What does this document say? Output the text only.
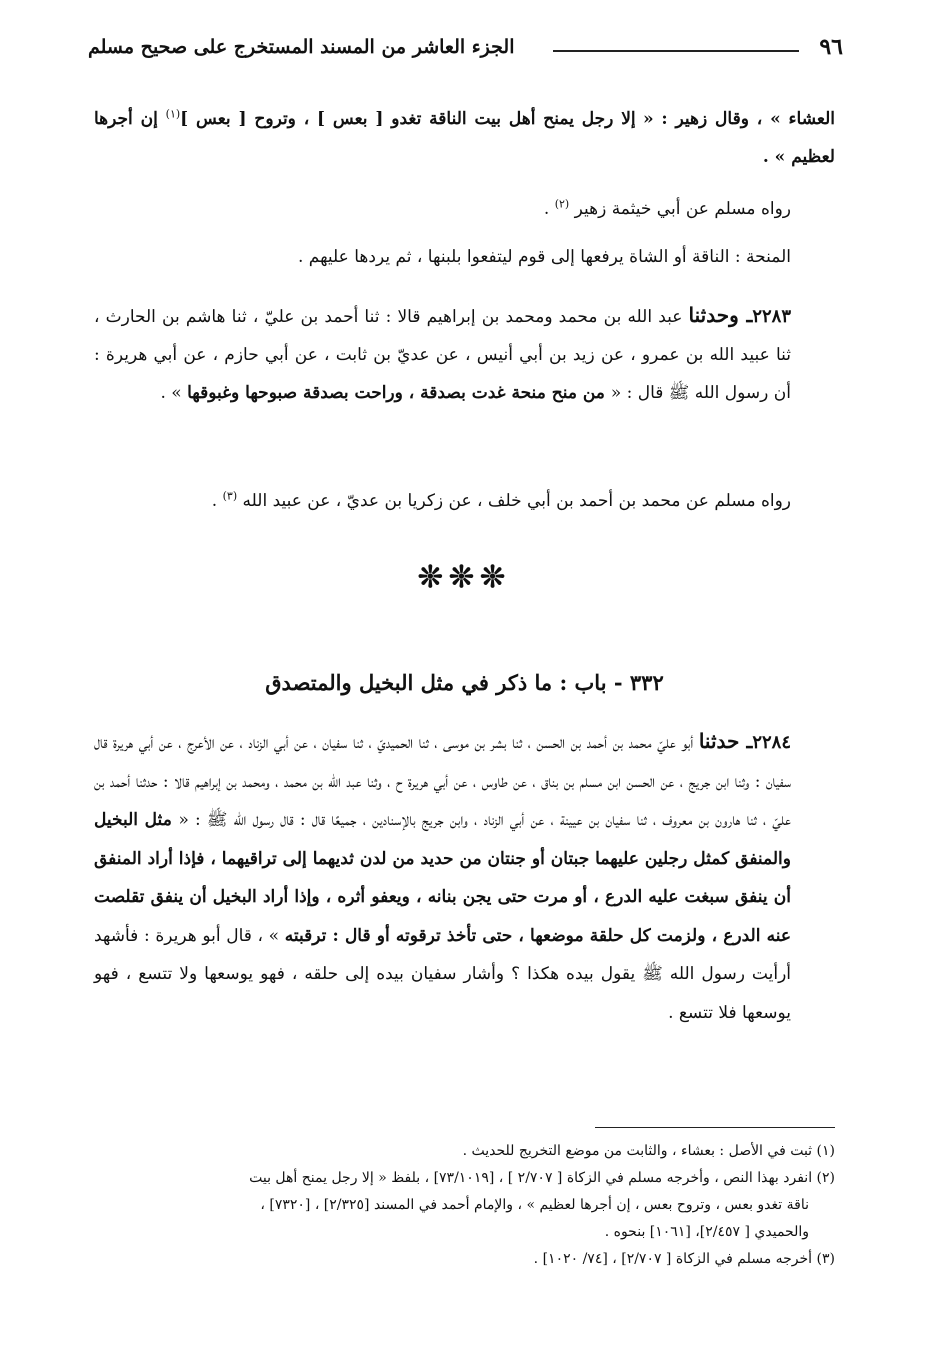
٩٦
الجزء العاشر من المسند المستخرج على صحيح مسلم

العشاء » ، وقال زهير : « إلا رجل يمنح أهل بيت الناقة تغدو [ بعس ] ، وتروح [ بعس ]$^{(١)}$ إن أجرها لعظيم » .

رواه مسلم عن أبي خيثمة زهير $^{(٢)}$ .

المنحة : الناقة أو الشاة يرفعها إلى قوم ليتفعوا بلبنها ، ثم يردها عليهم .

٢٢٨٣ـ وحدثنا عبد الله بن محمد ومحمد بن إبراهيم قالا : ثنا أحمد بن عليّ ، ثنا هاشم بن الحارث ، ثنا عبيد الله بن عمرو ، عن زيد بن أبي أنيس ، عن عديّ بن ثابت ، عن أبي حازم ، عن أبي هريرة : أن رسول الله ﷺ قال : « من منح منحة غدت بصدقة ، وراحت بصدقة صبوحها وغبوقها » .

رواه مسلم عن محمد بن أحمد بن أبي خلف ، عن زكريا بن عديّ ، عن عبيد الله $^{(٣)}$ .

❊❊❊
٣٣٢ - باب : ما ذكر في مثل البخيل والمتصدق

٢٢٨٤ـ حدثنا أبو عليّ محمد بن أحمد بن الحسن ، ثنا بشر بن موسى ، ثنا الحميديّ ، ثنا سفيان ، عن أبي الزناد ، عن الأعرج ، عن أبي هريرة قال سفيان : وثنا ابن جريج ، عن الحسن ابن مسلم بن بناق ، عن طاوس ، عن أبي هريرة ح ، وثنا عبد الله بن محمد ، ومحمد بن إبراهيم قالا : حدثنا أحمد بن عليّ ، ثنا هارون بن معروف ، ثنا سفيان بن عيينة ، عن أبي الزناد ، وابن جريج بالإسنادين ، جميعًا قال : قال رسول الله ﷺ : « مثل البخيل والمنفق كمثل رجلين عليهما جبتان أو جنتان من حديد من لدن ثديهما إلى تراقيهما ، فإذا أراد المنفق أن ينفق سبغت عليه الدرع ، أو مرت حتى يجن بنانه ، ويعفو أثره ، وإذا أراد البخيل أن ينفق تقلصت عنه الدرع ، ولزمت كل حلقة موضعها ، حتى تأخذ ترقوته أو قال : ترقبته » ، قال أبو هريرة : فأشهد أرأيت رسول الله ﷺ يقول بيده هكذا ؟ وأشار سفيان بيده إلى حلقه ، فهو يوسعها ولا تتسع ، فهو يوسعها فلا تتسع .

(١) ثبت في الأصل : بعشاء ، والثابت من موضع التخريج للحديث .

(٢) انفرد بهذا النص ، وأخرجه مسلم في الزكاة [ ٢/٧٠٧ ] ، [٧٣/١٠١٩] ، بلفظ « إلا رجل يمنح أهل بيت

ناقة تغدو بعس ، وتروح بعس ، إن أجرها لعظيم » ، والإمام أحمد في المسند [٢/٣٢٥] ، [٧٣٢٠] ،

والحميدي [ ٢/٤٥٧]، [١٠٦١] بنحوه .

(٣) أخرجه مسلم في الزكاة [ ٢/٧٠٧] ، [٧٤/ ١٠٢٠] .
